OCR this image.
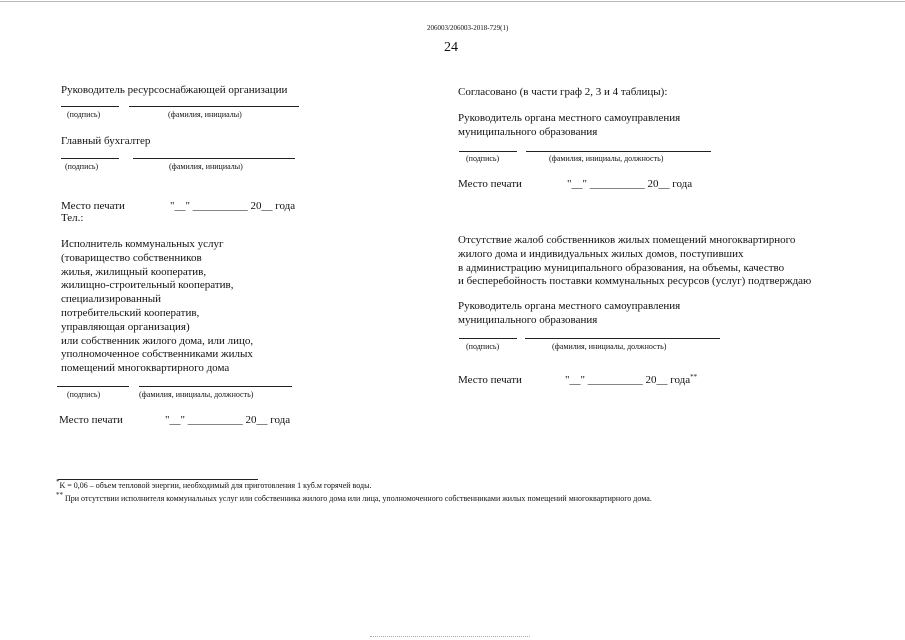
206003/206003-2018-729(1)
24
Руководитель ресурсоснабжающей организации
(подпись)	(фамилия, инициалы)
Главный бухгалтер
(подпись)	(фамилия, инициалы)
Место печати	"__" __________ 20__ года
Тел.:
Исполнитель коммунальных услуг
(товарищество собственников
жилья, жилищный кооператив,
жилищно-строительный кооператив,
специализированный
потребительский кооператив,
управляющая организация)
или собственник жилого дома, или лицо,
уполномоченное собственниками жилых
помещений многоквартирного дома
(подпись)	(фамилия, инициалы, должность)
Место печати	"__" __________ 20__ года
Согласовано (в части граф 2, 3 и 4 таблицы):
Руководитель органа местного самоуправления
муниципального образования
(подпись)	(фамилия, инициалы, должность)
Место печати	"__" __________ 20__ года
Отсутствие жалоб собственников жилых помещений многоквартирного
жилого дома и индивидуальных жилых домов, поступивших
в администрацию муниципального образования, на объемы, качество
и бесперебойность поставки коммунальных ресурсов (услуг) подтверждаю
Руководитель органа местного самоуправления
муниципального образования
(подпись)	(фамилия, инициалы, должность)
Место печати	"__" __________ 20__ года**
*K = 0,06 – объем тепловой энергии, необходимый для приготовления 1 куб.м горячей воды.
** При отсутствии исполнителя коммунальных услуг или собственника жилого дома или лица, уполномоченного собственниками жилых помещений многоквартирного дома.
